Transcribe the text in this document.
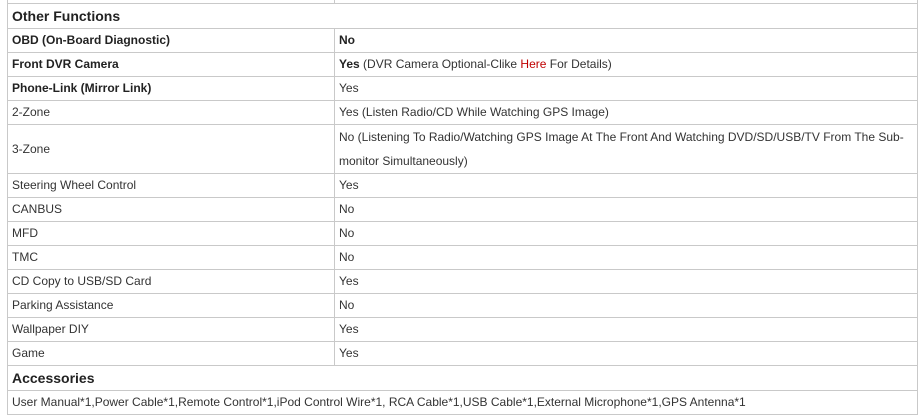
Other Functions	
OBD (On-Board Diagnostic)	No
Front DVR Camera	Yes (DVR Camera Optional-Clike Here For Details)
Phone-Link (Mirror Link)	Yes
2-Zone	Yes (Listen Radio/CD While Watching GPS Image)
3-Zone	No (Listening To Radio/Watching GPS Image At The Front And Watching DVD/SD/USB/TV From The Sub-monitor Simultaneously)
Steering Wheel Control	Yes
CANBUS	No
MFD	No
TMC	No
CD Copy to USB/SD Card	Yes
Parking Assistance	No
Wallpaper DIY	Yes
Game	Yes
Accessories	
User Manual*1,Power Cable*1,Remote Control*1,iPod Control Wire*1, RCA Cable*1,USB Cable*1,External Microphone*1,GPS Antenna*1	
